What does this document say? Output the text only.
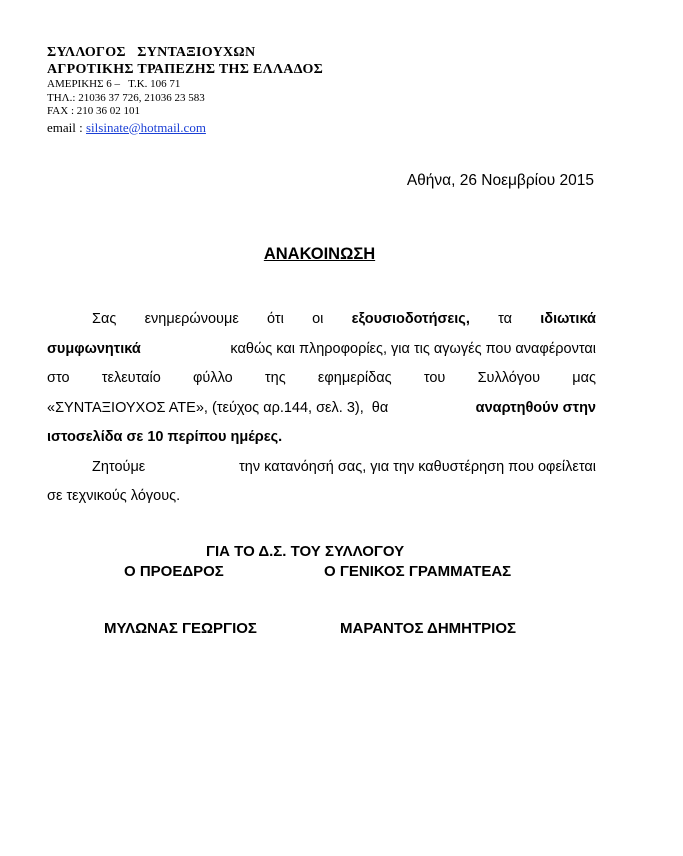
ΣΥΛΛΟΓΟΣ   ΣΥΝΤΑΞΙΟΥΧΩΝ
ΑΓΡΟΤΙΚΗΣ ΤΡΑΠΕΖΗΣ ΤΗΣ ΕΛΛΑΔΟΣ
ΑΜΕΡΙΚΗΣ 6 –   Τ.Κ. 106 71
ΤΗΛ.: 21036 37 726, 21036 23 583
FAX : 210 36 02 101
email : silsinate@hotmail.com
Αθήνα, 26 Νοεμβρίου 2015
ΑΝΑΚΟΙΝΩΣΗ
Σας ενημερώνουμε ότι οι εξουσιοδοτήσεις, τα ιδιωτικά
συμφωνητικά	καθώς και πληροφορίες, για τις αγωγές που αναφέρονται
στο τελευταίο φύλλο της εφημερίδας του Συλλόγου μας
«ΣΥΝΤΑΞΙΟΥΧΟΣ ΑΤΕ», (τεύχος αρ.144, σελ. 3),  θα	αναρτηθούν στην
ιστοσελίδα σε 10 περίπου ημέρες.
Ζητούμε	την κατανόησή σας, για την καθυστέρηση που οφείλεται
σε τεχνικούς λόγους.
ΓΙΑ ΤΟ Δ.Σ. ΤΟΥ ΣΥΛΛΟΓΟΥ
Ο ΠΡΟΕΔΡΟΣ	Ο ΓΕΝΙΚΟΣ ΓΡΑΜΜΑΤΕΑΣ
ΜΥΛΩΝΑΣ ΓΕΩΡΓΙΟΣ	ΜΑΡΑΝΤΟΣ ΔΗΜΗΤΡΙΟΣ
